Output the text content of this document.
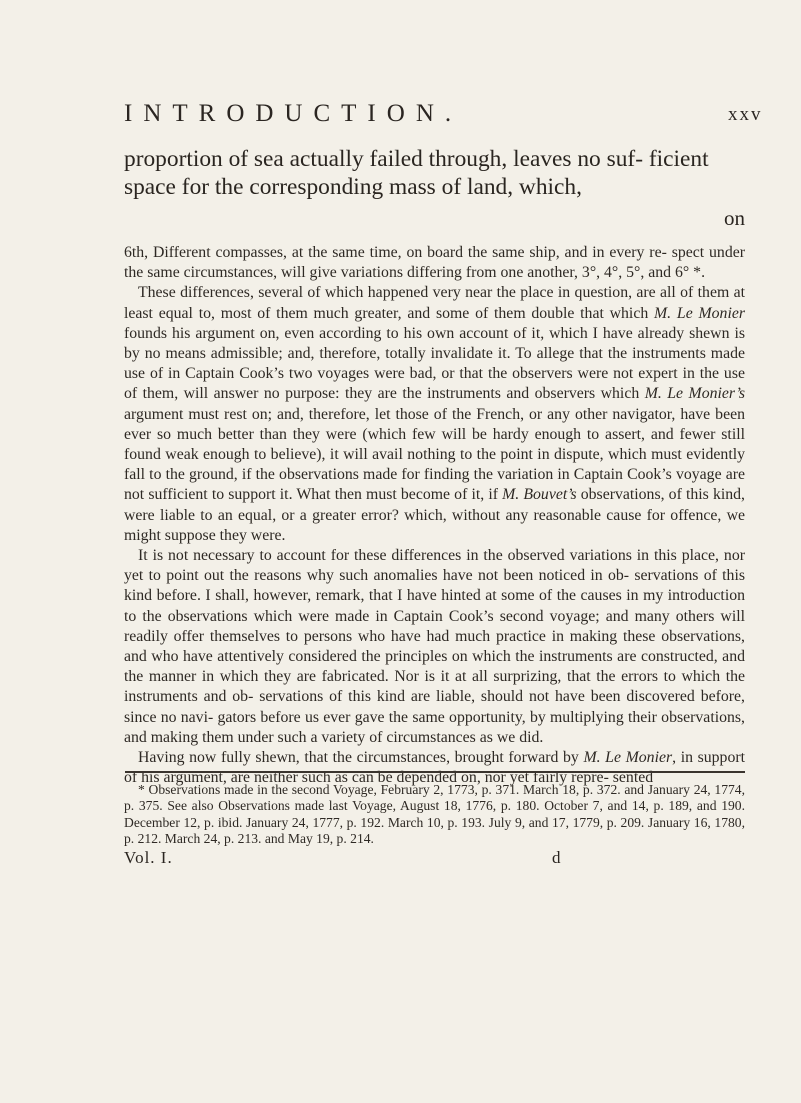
INTRODUCTION.	xxv
proportion of sea actually failed through, leaves no suf- ficient space for the corresponding mass of land, which,
on

6th, Different compasses, at the same time, on board the same ship, and in every re- spect under the same circumstances, will give variations differing from one another, 3°, 4°, 5°, and 6° *.

These differences, several of which happened very near the place in question, are all of them at least equal to, most of them much greater, and some of them double that which M. Le Monier founds his argument on, even according to his own account of it, which I have already shewn is by no means admissible; and, therefore, totally invalidate it. To allege that the instruments made use of in Captain Cook’s two voyages were bad, or that the observers were not expert in the use of them, will answer no purpose: they are the instruments and observers which M. Le Monier’s argument must rest on; and, therefore, let those of the French, or any other navigator, have been ever so much better than they were (which few will be hardy enough to assert, and fewer still found weak enough to believe), it will avail nothing to the point in dispute, which must evidently fall to the ground, if the observations made for finding the variation in Captain Cook’s voyage are not sufficient to support it. What then must become of it, if M. Bouvet’s observations, of this kind, were liable to an equal, or a greater error? which, without any reasonable cause for offence, we might suppose they were.

It is not necessary to account for these differences in the observed variations in this place, nor yet to point out the reasons why such anomalies have not been noticed in ob- servations of this kind before. I shall, however, remark, that I have hinted at some of the causes in my introduction to the observations which were made in Captain Cook’s second voyage; and many others will readily offer themselves to persons who have had much practice in making these observations, and who have attentively considered the principles on which the instruments are constructed, and the manner in which they are fabricated. Nor is it at all surprizing, that the errors to which the instruments and ob- servations of this kind are liable, should not have been discovered before, since no navi- gators before us ever gave the same opportunity, by multiplying their observations, and making them under such a variety of circumstances as we did.

Having now fully shewn, that the circumstances, brought forward by M. Le Monier, in support of his argument, are neither such as can be depended on, nor yet fairly repre- sented

* Observations made in the second Voyage, February 2, 1773, p. 371. March 18, p. 372. and January 24, 1774, p. 375. See also Observations made last Voyage, August 18, 1776, p. 180. October 7, and 14, p. 189, and 190. December 12, p. ibid. January 24, 1777, p. 192. March 10, p. 193. July 9, and 17, 1779, p. 209. January 16, 1780, p. 212. March 24, p. 213. and May 19, p. 214.
Vol. I.	d
